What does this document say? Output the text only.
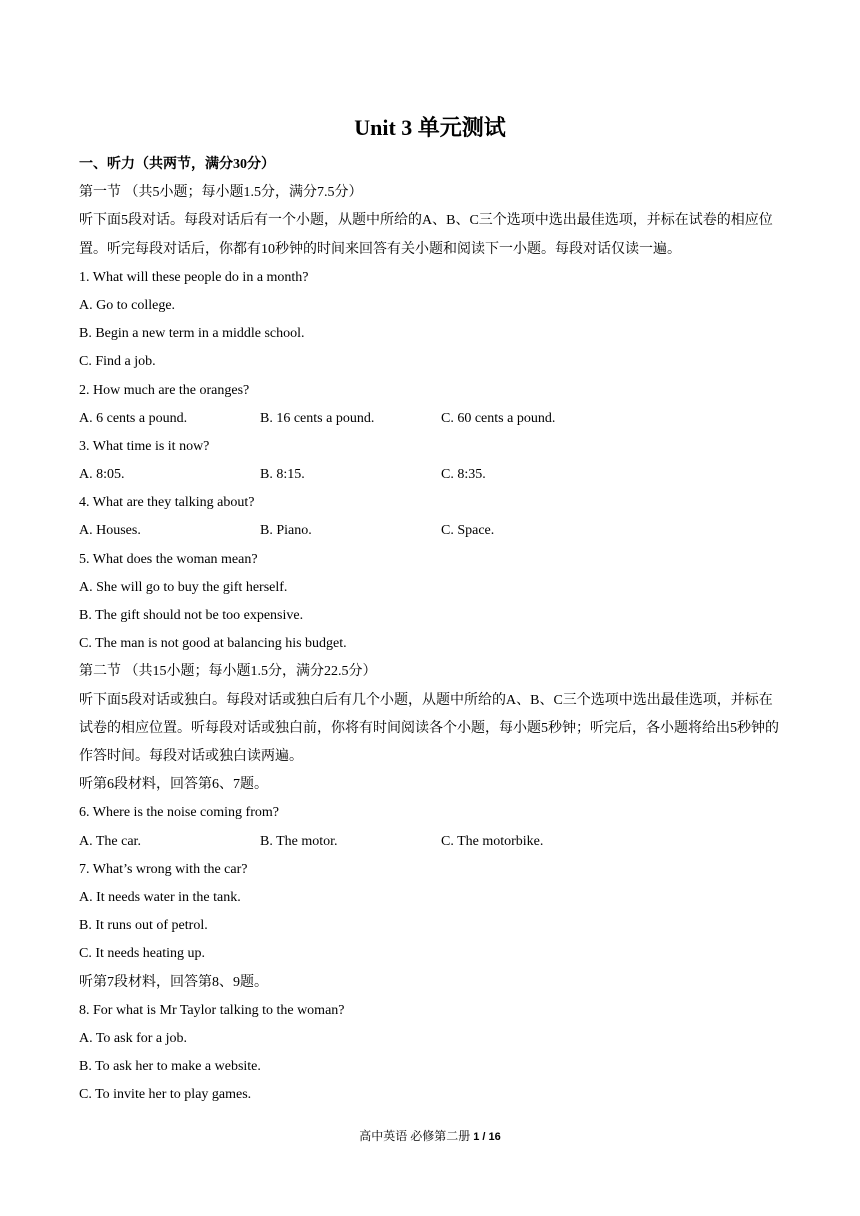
Unit 3 单元测试
一、听力（共两节，满分30分）
第一节 （共5小题；每小题1.5分，满分7.5分）
听下面5段对话。每段对话后有一个小题，从题中所给的A、B、C三个选项中选出最佳选项，并标在试卷的相应位置。听完每段对话后，你都有10秒钟的时间来回答有关小题和阅读下一小题。每段对话仅读一遍。
1. What will these people do in a month?
A. Go to college.
B. Begin a new term in a middle school.
C. Find a job.
2. How much are the oranges?
A. 6 cents a pound.	B. 16 cents a pound.	C. 60 cents a pound.
3. What time is it now?
A. 8:05.	B. 8:15.	C. 8:35.
4. What are they talking about?
A. Houses.	B. Piano.	C. Space.
5. What does the woman mean?
A. She will go to buy the gift herself.
B. The gift should not be too expensive.
C. The man is not good at balancing his budget.
第二节 （共15小题；每小题1.5分，满分22.5分）
听下面5段对话或独白。每段对话或独白后有几个小题，从题中所给的A、B、C三个选项中选出最佳选项，并标在试卷的相应位置。听每段对话或独白前，你将有时间阅读各个小题，每小题5秒钟；听完后，各小题将给出5秒钟的作答时间。每段对话或独白读两遍。
听第6段材料，回答第6、7题。
6. Where is the noise coming from?
A. The car.	B. The motor.	C. The motorbike.
7. What’s wrong with the car?
A. It needs water in the tank.
B. It runs out of petrol.
C. It needs heating up.
听第7段材料，回答第8、9题。
8. For what is Mr Taylor talking to the woman?
A. To ask for a job.
B. To ask her to make a website.
C. To invite her to play games.
高中英语 必修第二册 1 / 16
